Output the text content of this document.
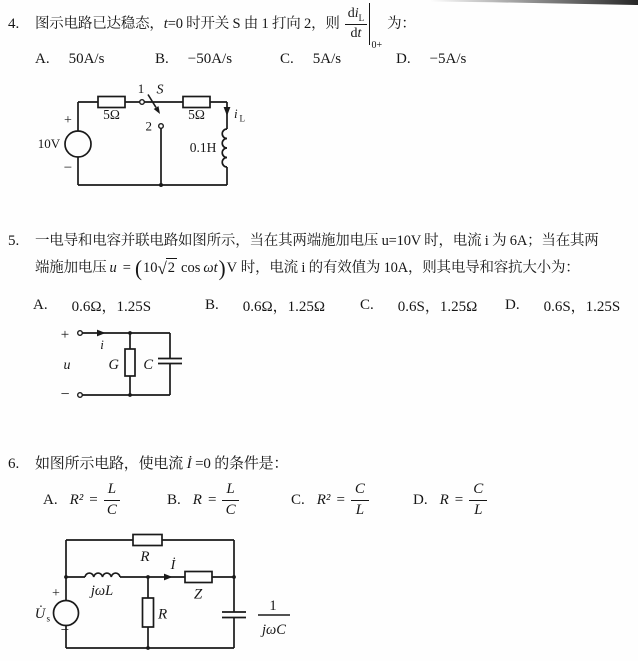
4.	图示电路已达稳态， t =0 时开关 S 由 1 打向 2，则 $\frac{di_L}{dt}$
0+
为：
A. 50A/s	B. −50A/s	C. 5A/s	D. −5A/s
10V
+
−
5Ω	5Ω
1 S
2
i L
0.1H
5.	一电导和电容并联电路如图所示，当在其两端施加电压 u=10V 时，电流 i 为 6A；当在其两
端施加电压 u = ( 10 √ 2 cos ωt ) V
时，电流 i 的有效值为 10A，则其电导和容抗大小为：
A. 0.6Ω，1.25S	B. 0.6Ω，1.25Ω C. 0.6S，1.25Ω D. 0.6S，1.25S
+
−
u
i
G C
6.	如图所示电路，使电流 İ =0 的条件是：
A. $R^2 = \frac{L}{C}$	B. $R = \frac{L}{C}$	C. $R^2 = \frac{C}{L}$	D. $R = \frac{C}{L}$
U̇ s
+
−
R
jωL
İ
Z
R
1
jωC
